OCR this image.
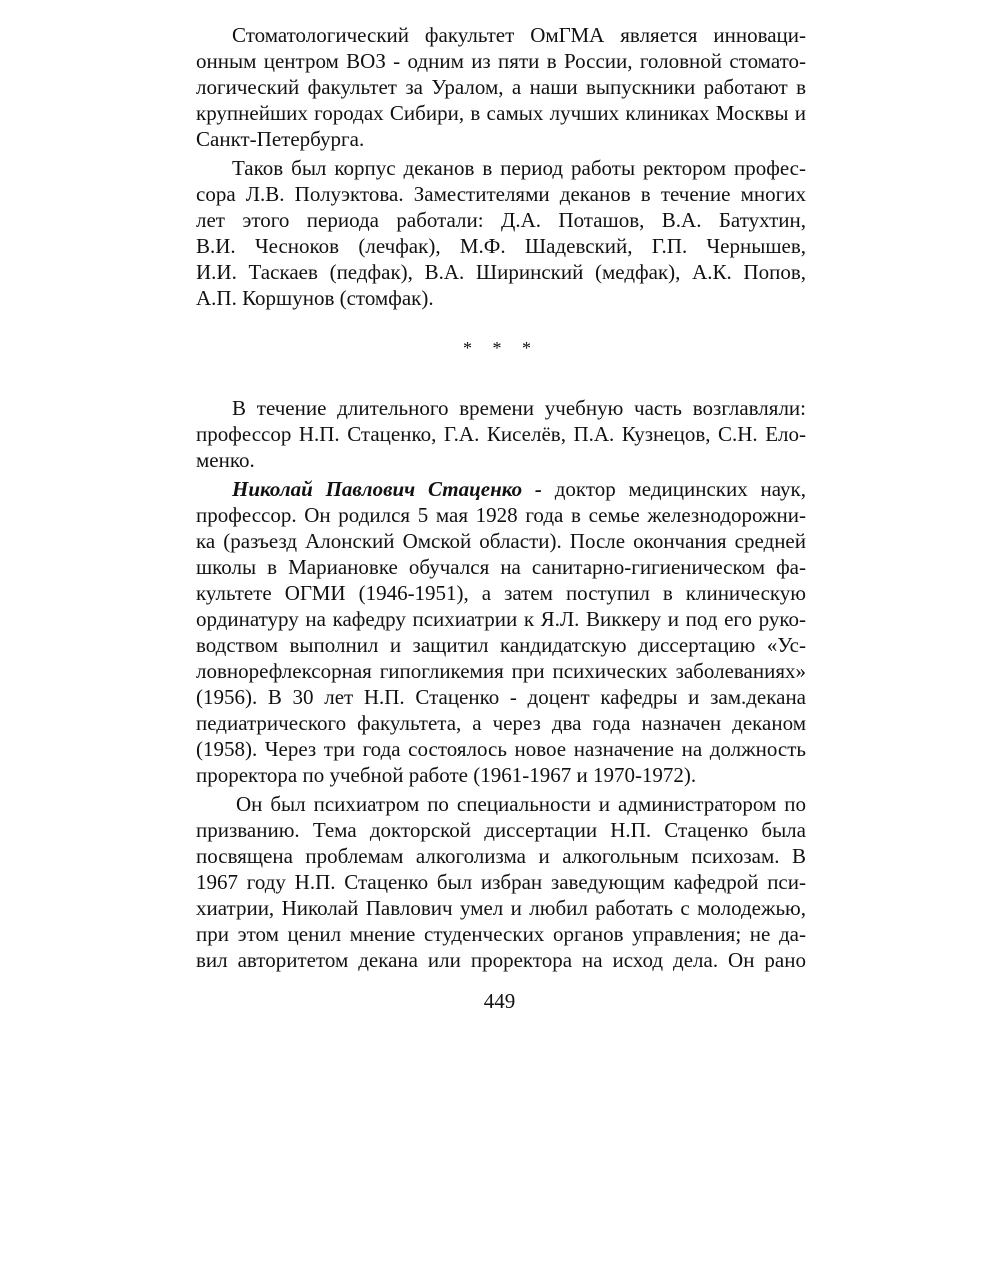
Стоматологический факультет ОмГМА является инноваци-
онным центром ВОЗ - одним из пяти в России, головной стомато-
логический факультет за Уралом, а наши выпускники работают в
крупнейших городах Сибири, в самых лучших клиниках Москвы и
Санкт-Петербурга.
Таков был корпус деканов в период работы ректором профес-
сора Л.В. Полуэктова. Заместителями деканов в течение многих
лет этого периода работали: Д.А. Поташов, В.А. Батухтин,
В.И. Чесноков (лечфак), М.Ф. Шадевский, Г.П. Чернышев,
И.И. Таскаев (педфак), В.А. Ширинский (медфак), А.К. Попов,
А.П. Коршунов (стомфак).
* * *
В течение длительного времени учебную часть возглавляли:
профессор Н.П. Стаценко, Г.А. Киселёв, П.А. Кузнецов, С.Н. Ело-
менко.
Николай Павлович Стаценко - доктор медицинских наук,
профессор. Он родился 5 мая 1928 года в семье железнодорожни-
ка (разъезд Алонский Омской области). После окончания средней
школы в Мариановке обучался на санитарно-гигиеническом фа-
культете ОГМИ (1946-1951), а затем поступил в клиническую
ординатуру на кафедру психиатрии к Я.Л. Виккеру и под его руко-
водством выполнил и защитил кандидатскую диссертацию «Ус-
ловнорефлексорная гипогликемия при психических заболеваниях»
(1956). В 30 лет Н.П. Стаценко - доцент кафедры и зам.декана
педиатрического факультета, а через два года назначен деканом
(1958). Через три года состоялось новое назначение на должность
проректора по учебной работе (1961-1967 и 1970-1972).
Он был психиатром по специальности и администратором по
призванию. Тема докторской диссертации Н.П. Стаценко была
посвящена проблемам алкоголизма и алкогольным психозам. В
1967 году Н.П. Стаценко был избран заведующим кафедрой пси-
хиатрии, Николай Павлович умел и любил работать с молодежью,
при этом ценил мнение студенческих органов управления; не да-
вил авторитетом декана или проректора на исход дела. Он рано
449
